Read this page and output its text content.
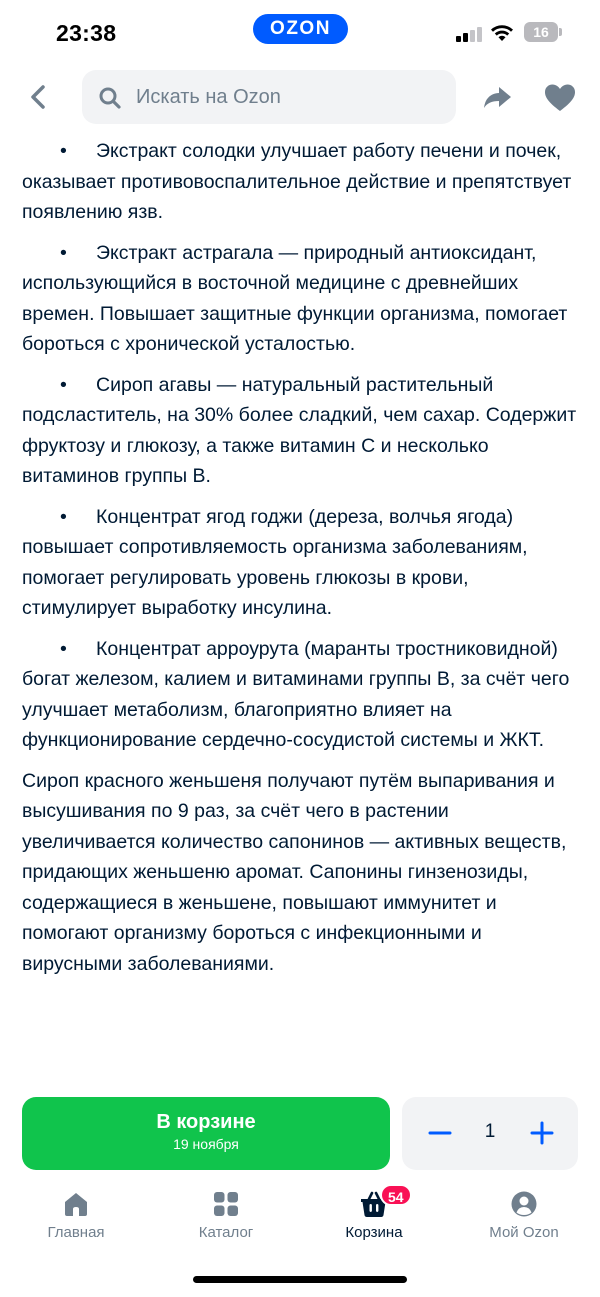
23:38	OZON	16
Искать на Ozon

• Экстракт солодки улучшает работу печени и почек, оказывает противовоспалительное действие и препятствует появлению язв.

• Экстракт астрагала — природный антиоксидант, использующийся в восточной медицине с древнейших времен. Повышает защитные функции организма, помогает бороться с хронической усталостью.

• Сироп агавы — натуральный растительный подсластитель, на 30% более сладкий, чем сахар. Содержит фруктозу и глюкозу, а также витамин C и несколько витаминов группы В.

• Концентрат ягод годжи (дереза, волчья ягода) повышает сопротивляемость организма заболеваниям, помогает регулировать уровень глюкозы в крови, стимулирует выработку инсулина.

• Концентрат арроурута (маранты тростниковидной) богат железом, калием и витаминами группы В, за счёт чего улучшает метаболизм, благоприятно влияет на функционирование сердечно-сосудистой системы и ЖКТ.

Сироп красного женьшеня получают путём выпаривания и высушивания по 9 раз, за счёт чего в растении увеличивается количество сапонинов — активных веществ, придающих женьшеню аромат. Сапонины гинзенозиды, содержащиеся в женьшене, повышают иммунитет и помогают организму бороться с инфекционными и вирусными заболеваниями.

В корзине
19 ноября
1
Главная	Каталог
54
Корзина	Мой Ozon
